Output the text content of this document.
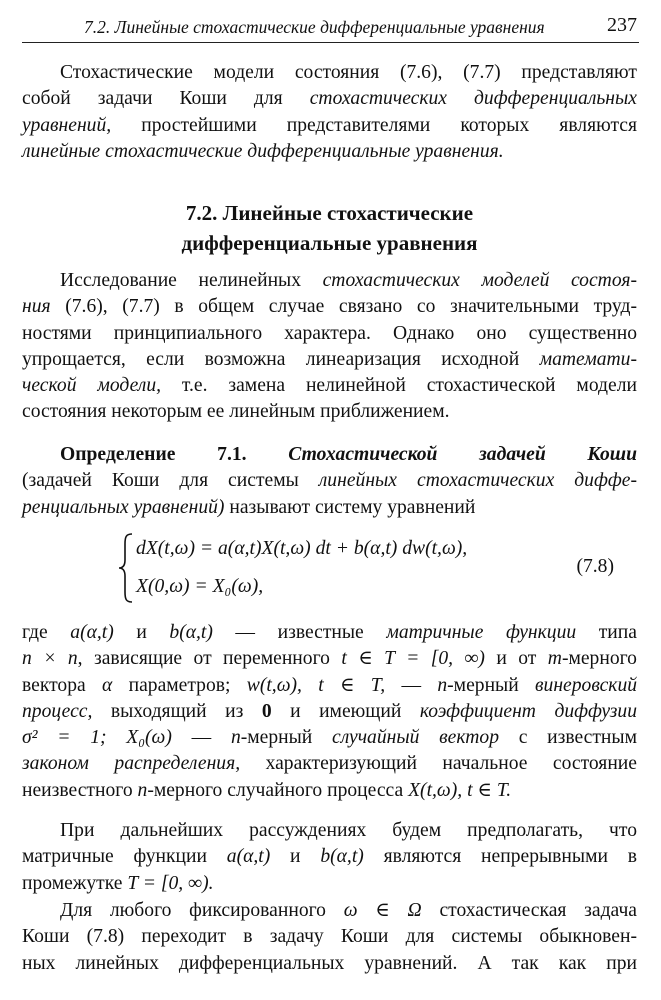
7.2. Линейные стохастические дифференциальные уравнения	237

Стохастические модели состояния (7.6), (7.7) представляют
собой задачи Коши для стохастических дифференциальных
уравнений, простейшими представителями которых являются
линейные стохастические дифференциальные уравнения.

7.2. Линейные стохастические
дифференциальные уравнения

Исследование нелинейных стохастических моделей состоя-
ния (7.6), (7.7) в общем случае связано со значительными труд-
ностями принципиального характера. Однако оно существенно
упрощается, если возможна линеаризация исходной математи-
ческой модели, т.е. замена нелинейной стохастической модели
состояния некоторым ее линейным приближением.

Определение 7.1. Стохастической задачей Коши
(задачей Коши для системы линейных стохастических диффе-
ренциальных уравнений) называют систему уравнений

dX(t,ω) = a(α,t)X(t,ω) dt + b(α,t) dw(t,ω),
X(0,ω) = X₀(ω),
(7.8)

где a(α,t) и b(α,t) — известные матричные функции типа
n × n, зависящие от переменного t ∈ T = [0, ∞) и от m-мерного
вектора α параметров; w(t,ω), t ∈ T, — n-мерный винеровский
процесс, выходящий из 0 и имеющий коэффициент диффузии
σ² = 1; X₀(ω) — n-мерный случайный вектор с известным
законом распределения, характеризующий начальное состояние
неизвестного n-мерного случайного процесса X(t,ω), t ∈ T.

При дальнейших рассуждениях будем предполагать, что
матричные функции a(α,t) и b(α,t) являются непрерывными в
промежутке T = [0, ∞).

Для любого фиксированного ω ∈ Ω стохастическая задача
Коши (7.8) переходит в задачу Коши для системы обыкновен-
ных линейных дифференциальных уравнений. А так как при
